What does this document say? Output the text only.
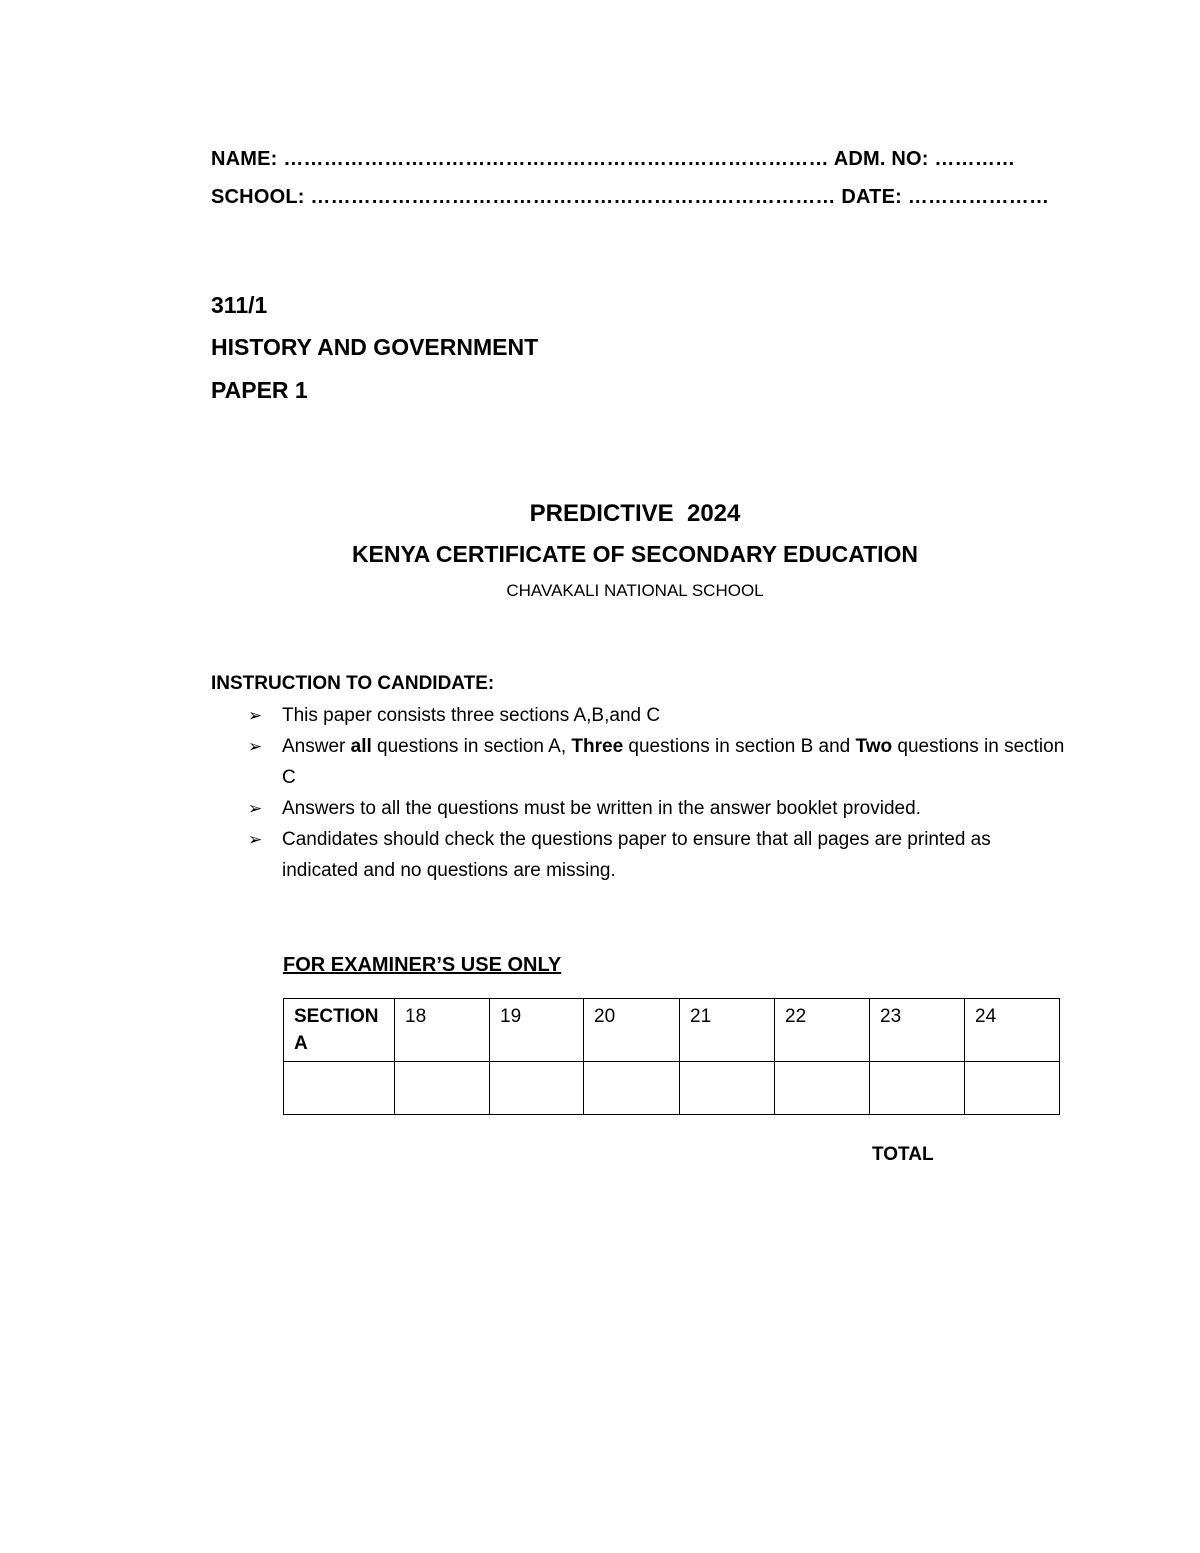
NAME: ……………………………………………………………………… ADM. NO: …………
SCHOOL: …………………………………………………………………… DATE: …………………
311/1
HISTORY AND GOVERNMENT
PAPER 1
PREDICTIVE  2024
KENYA CERTIFICATE OF SECONDARY EDUCATION
CHAVAKALI NATIONAL SCHOOL
INSTRUCTION TO CANDIDATE:
➢ This paper consists three sections A,B,and C
➢ Answer all questions in section A, Three questions in section B and Two questions in section C
➢ Answers to all the questions must be written in the answer booklet provided.
➢ Candidates should check the questions paper to ensure that all pages are printed as indicated and no questions are missing.
FOR EXAMINER’S USE ONLY
SECTION A	18	19	20	21	22	23	24

TOTAL
